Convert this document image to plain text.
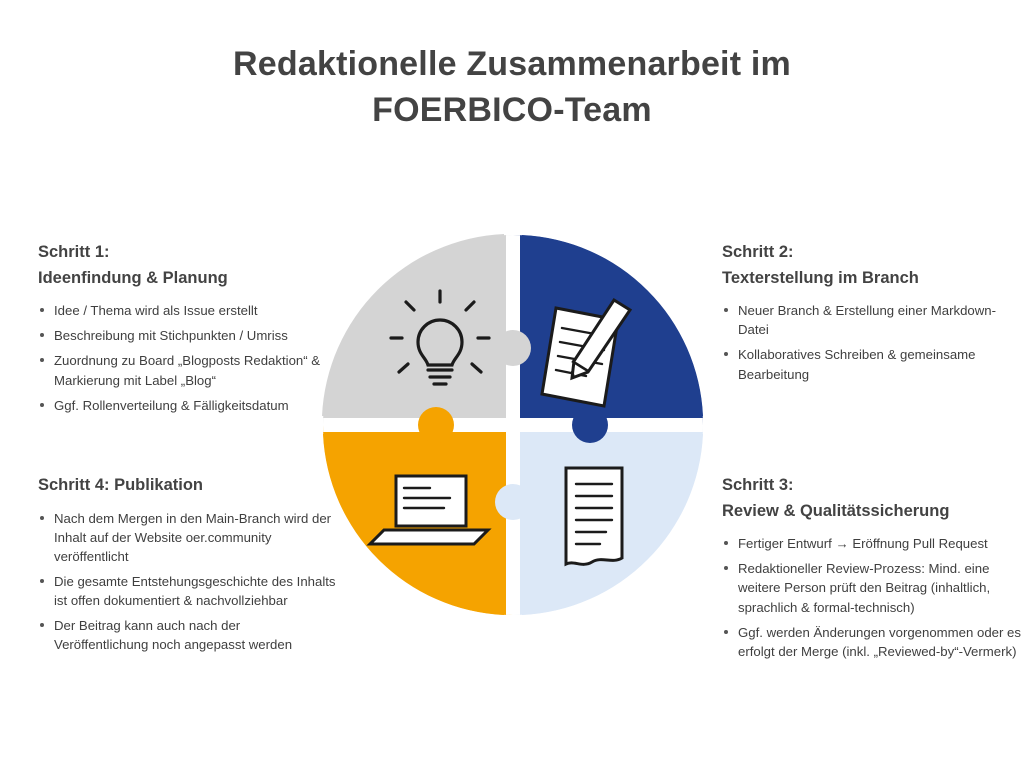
Redaktionelle Zusammenarbeit im
FOERBICO-Team
Schritt 1:
Ideenfindung & Planung
Idee / Thema wird als Issue erstellt
Beschreibung mit Stichpunkten / Umriss
Zuordnung zu Board „Blogposts Redaktion“ & Markierung mit Label „Blog“
Ggf. Rollenverteilung & Fälligkeitsdatum
Schritt 2:
Texterstellung im Branch
Neuer Branch & Erstellung einer Markdown-Datei
Kollaboratives Schreiben & gemeinsame Bearbeitung
Schritt 4: Publikation
Nach dem Mergen in den Main-Branch wird der Inhalt auf der Website oer.community veröffentlicht
Die gesamte Entstehungsgeschichte des Inhalts ist offen dokumentiert & nachvollziehbar
Der Beitrag kann auch nach der Veröffentlichung noch angepasst werden
Schritt 3:
Review & Qualitätssicherung
Fertiger Entwurf → Eröffnung Pull Request
Redaktioneller Review-Prozess: Mind. eine weitere Person prüft den Beitrag (inhaltlich, sprachlich & formal-technisch)
Ggf. werden Änderungen vorgenommen oder es erfolgt der Merge (inkl. „Reviewed-by“-Vermerk)
